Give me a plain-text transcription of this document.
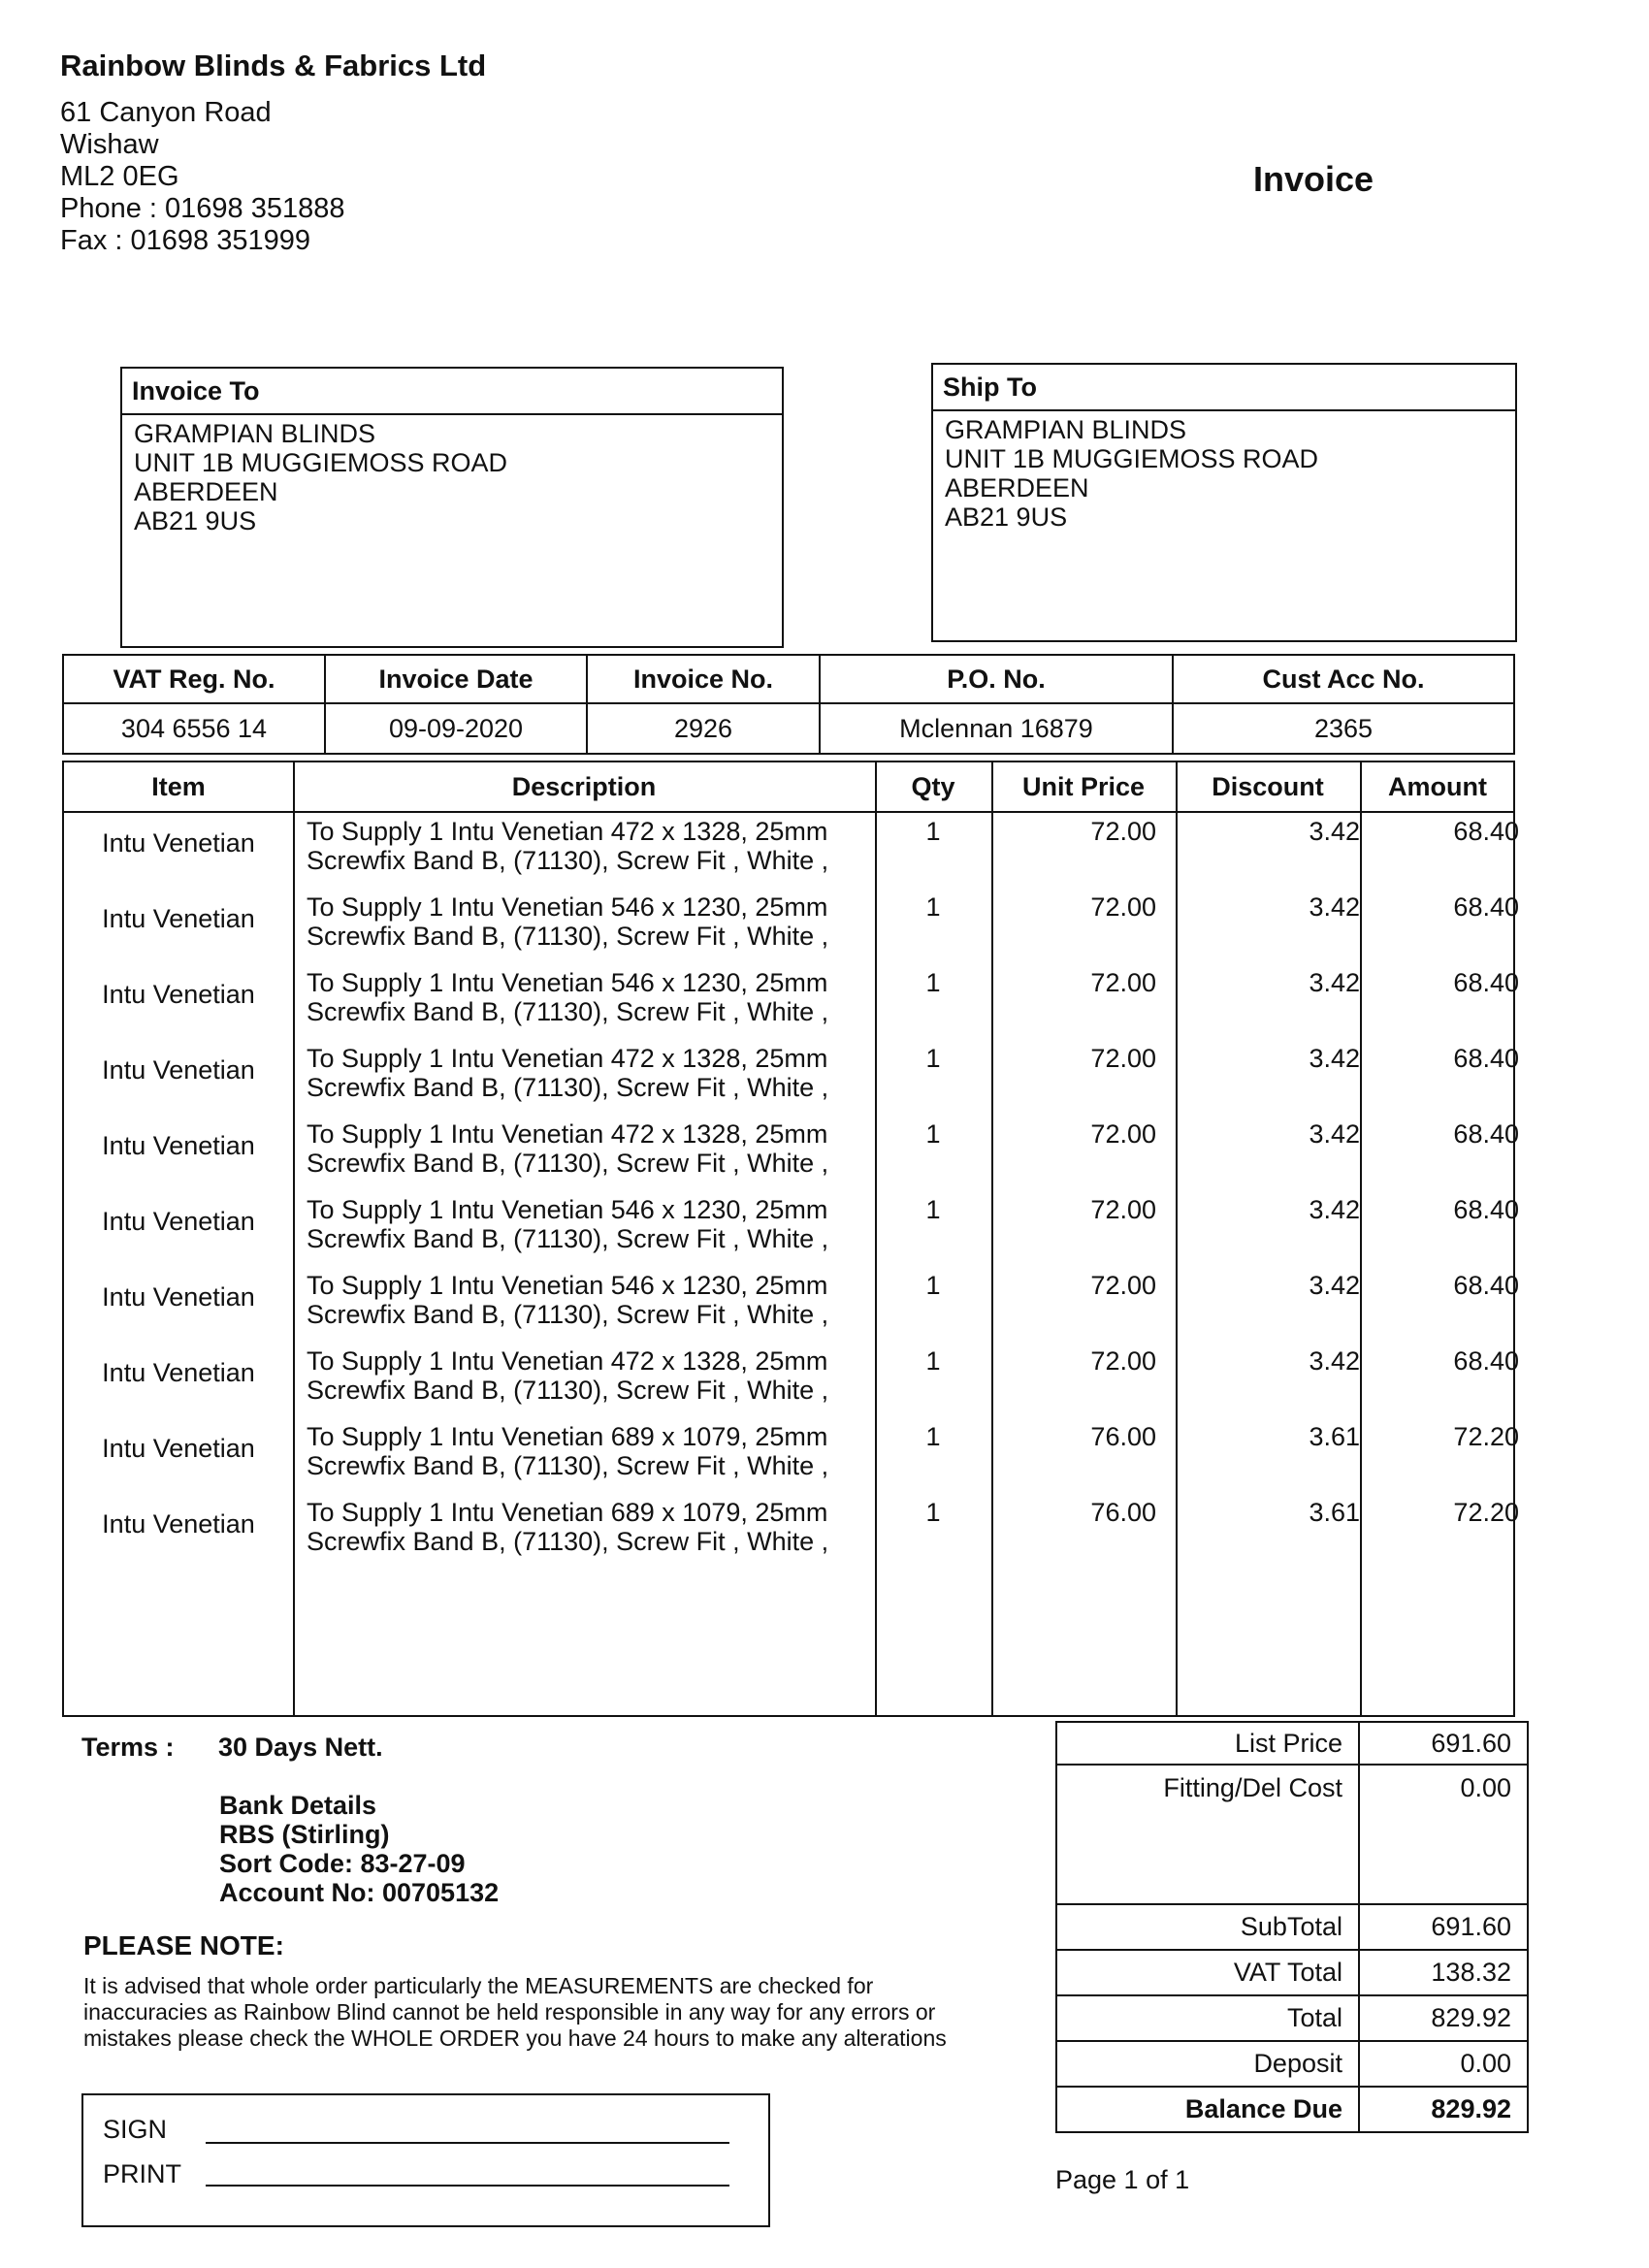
Rainbow Blinds & Fabrics Ltd
61 Canyon Road
Wishaw
ML2 0EG
Phone : 01698 351888
Fax : 01698 351999
Invoice
Invoice To
GRAMPIAN BLINDS
UNIT 1B MUGGIEMOSS ROAD
ABERDEEN
AB21 9US
Ship To
GRAMPIAN BLINDS
UNIT 1B MUGGIEMOSS ROAD
ABERDEEN
AB21 9US
VAT Reg. No.	Invoice Date	Invoice No.	P.O. No.	Cust Acc No.
304 6556 14	09-09-2020	2926	Mclennan 16879	2365
Item	Description	Qty	Unit Price	Discount	Amount
Intu Venetian	To Supply 1 Intu Venetian 472 x 1328, 25mm
Screwfix Band B, (71130), Screw Fit , White ,
1	72.00	3.42	68.40
Intu Venetian	To Supply 1 Intu Venetian 546 x 1230, 25mm
Screwfix Band B, (71130), Screw Fit , White ,
1	72.00	3.42	68.40
Intu Venetian	To Supply 1 Intu Venetian 546 x 1230, 25mm
Screwfix Band B, (71130), Screw Fit , White ,
1	72.00	3.42	68.40
Intu Venetian	To Supply 1 Intu Venetian 472 x 1328, 25mm
Screwfix Band B, (71130), Screw Fit , White ,
1	72.00	3.42	68.40
Intu Venetian	To Supply 1 Intu Venetian 472 x 1328, 25mm
Screwfix Band B, (71130), Screw Fit , White ,
1	72.00	3.42	68.40
Intu Venetian	To Supply 1 Intu Venetian 546 x 1230, 25mm
Screwfix Band B, (71130), Screw Fit , White ,
1	72.00	3.42	68.40
Intu Venetian	To Supply 1 Intu Venetian 546 x 1230, 25mm
Screwfix Band B, (71130), Screw Fit , White ,
1	72.00	3.42	68.40
Intu Venetian	To Supply 1 Intu Venetian 472 x 1328, 25mm
Screwfix Band B, (71130), Screw Fit , White ,
1	72.00	3.42	68.40
Intu Venetian	To Supply 1 Intu Venetian 689 x 1079, 25mm
Screwfix Band B, (71130), Screw Fit , White ,
1	76.00	3.61	72.20
Intu Venetian	To Supply 1 Intu Venetian 689 x 1079, 25mm
Screwfix Band B, (71130), Screw Fit , White ,
1	76.00	3.61	72.20
Terms : 30 Days Nett.
Bank Details
RBS (Stirling)
Sort Code: 83-27-09
Account No: 00705132
PLEASE NOTE:
It is advised that whole order particularly the MEASUREMENTS are checked for
inaccuracies as Rainbow Blind cannot be held responsible in any way for any errors or
mistakes please check the WHOLE ORDER you have 24 hours to make any alterations
SIGN
PRINT
List Price	691.60
Fitting/Del Cost	0.00
SubTotal	691.60
VAT Total	138.32
Total	829.92
Deposit	0.00
Balance Due	829.92
Page 1 of 1
